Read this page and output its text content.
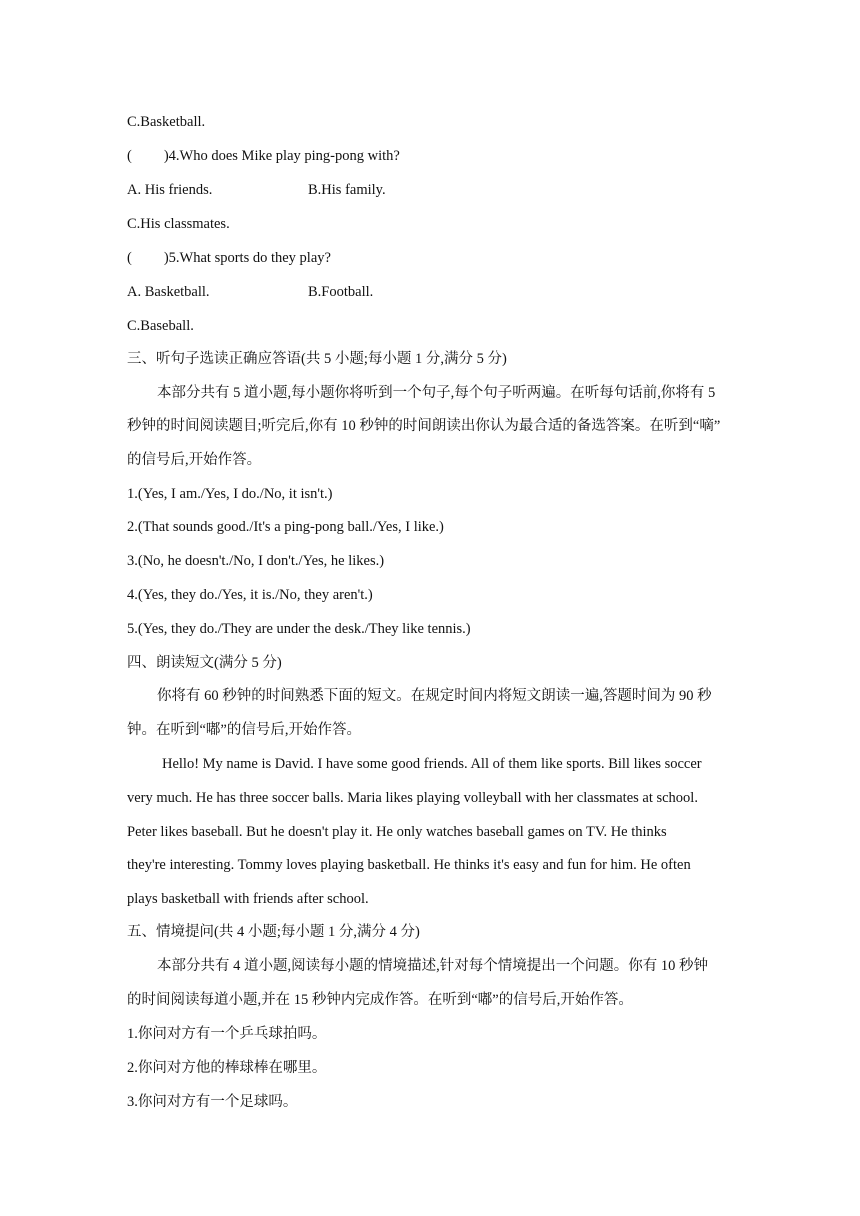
C.Basketball.
( )4.Who does Mike play ping-pong with?
A. His friends.	B.His family.
C.His classmates.
( )5.What sports do they play?
A. Basketball.	B.Football.
C.Baseball.
三、听句子选读正确应答语(共 5 小题;每小题 1 分,满分 5 分)
本部分共有 5 道小题,每小题你将听到一个句子,每个句子听两遍。在听每句话前,你将有 5
秒钟的时间阅读题目;听完后,你有 10 秒钟的时间朗读出你认为最合适的备选答案。在听到“嘀”
的信号后,开始作答。
1.(Yes, I am./Yes, I do./No, it isn't.)
2.(That sounds good./It's a ping-pong ball./Yes, I like.)
3.(No, he doesn't./No, I don't./Yes, he likes.)
4.(Yes, they do./Yes, it is./No, they aren't.)
5.(Yes, they do./They are under the desk./They like tennis.)
四、朗读短文(满分 5 分)
你将有 60 秒钟的时间熟悉下面的短文。在规定时间内将短文朗读一遍,答题时间为 90 秒
钟。在听到“嘟”的信号后,开始作答。
Hello! My name is David. I have some good friends. All of them like sports. Bill likes soccer
very much. He has three soccer balls. Maria likes playing volleyball with her classmates at school.
Peter likes baseball. But he doesn't play it. He only watches baseball games on TV. He thinks
they're interesting. Tommy loves playing basketball. He thinks it's easy and fun for him. He often
plays basketball with friends after school.
五、情境提问(共 4 小题;每小题 1 分,满分 4 分)
本部分共有 4 道小题,阅读每小题的情境描述,针对每个情境提出一个问题。你有 10 秒钟
的时间阅读每道小题,并在 15 秒钟内完成作答。在听到“嘟”的信号后,开始作答。
1.你问对方有一个乒乓球拍吗。
2.你问对方他的棒球棒在哪里。
3.你问对方有一个足球吗。
